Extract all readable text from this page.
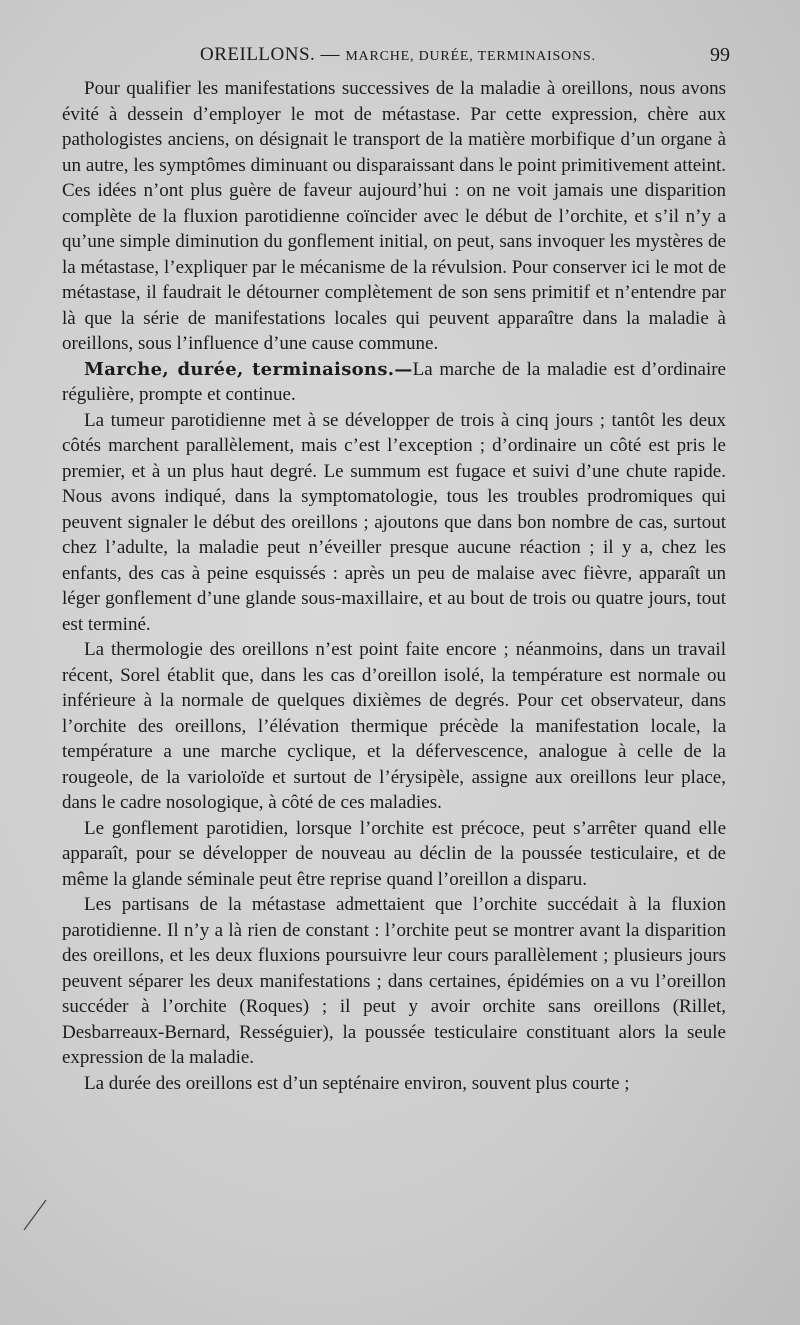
OREILLONS. — MARCHE, DURÉE, TERMINAISONS.	99

Pour qualifier les manifestations successives de la maladie à oreillons, nous avons évité à dessein d’employer le mot de métastase. Par cette expression, chère aux pathologistes anciens, on désignait le transport de la matière morbifique d’un organe à un autre, les symptômes diminuant ou disparaissant dans le point primitivement atteint. Ces idées n’ont plus guère de faveur aujourd’hui : on ne voit jamais une disparition complète de la fluxion parotidienne coïncider avec le début de l’orchite, et s’il n’y a qu’une simple diminution du gonflement initial, on peut, sans invoquer les mystères de la métastase, l’expliquer par le mécanisme de la révulsion. Pour conserver ici le mot de métastase, il faudrait le détourner complètement de son sens primitif et n’entendre par là que la série de manifestations locales qui peuvent apparaître dans la maladie à oreillons, sous l’influence d’une cause commune.

Marche, durée, terminaisons.—La marche de la maladie est d’ordinaire régulière, prompte et continue.

La tumeur parotidienne met à se développer de trois à cinq jours ; tantôt les deux côtés marchent parallèlement, mais c’est l’exception ; d’ordinaire un côté est pris le premier, et à un plus haut degré. Le summum est fugace et suivi d’une chute rapide. Nous avons indiqué, dans la symptomatologie, tous les troubles prodromiques qui peuvent signaler le début des oreillons ; ajoutons que dans bon nombre de cas, surtout chez l’adulte, la maladie peut n’éveiller presque aucune réaction ; il y a, chez les enfants, des cas à peine esquissés : après un peu de malaise avec fièvre, apparaît un léger gonflement d’une glande sous-maxillaire, et au bout de trois ou quatre jours, tout est terminé.

La thermologie des oreillons n’est point faite encore ; néanmoins, dans un travail récent, Sorel établit que, dans les cas d’oreillon isolé, la température est normale ou inférieure à la normale de quelques dixièmes de degrés. Pour cet observateur, dans l’orchite des oreillons, l’élévation thermique précède la manifestation locale, la température a une marche cyclique, et la défervescence, analogue à celle de la rougeole, de la varioloïde et surtout de l’érysipèle, assigne aux oreillons leur place, dans le cadre nosologique, à côté de ces maladies.

Le gonflement parotidien, lorsque l’orchite est précoce, peut s’arrêter quand elle apparaît, pour se développer de nouveau au déclin de la poussée testiculaire, et de même la glande séminale peut être reprise quand l’oreillon a disparu.

Les partisans de la métastase admettaient que l’orchite succédait à la fluxion parotidienne. Il n’y a là rien de constant : l’orchite peut se montrer avant la disparition des oreillons, et les deux fluxions poursuivre leur cours parallèlement ; plusieurs jours peuvent séparer les deux manifestations ; dans certaines, épidémies on a vu l’oreillon succéder à l’orchite (Roques) ; il peut y avoir orchite sans oreillons (Rillet, Desbarreaux-Bernard, Rességuier), la poussée testiculaire constituant alors la seule expression de la maladie.

La durée des oreillons est d’un septénaire environ, souvent plus courte ;
